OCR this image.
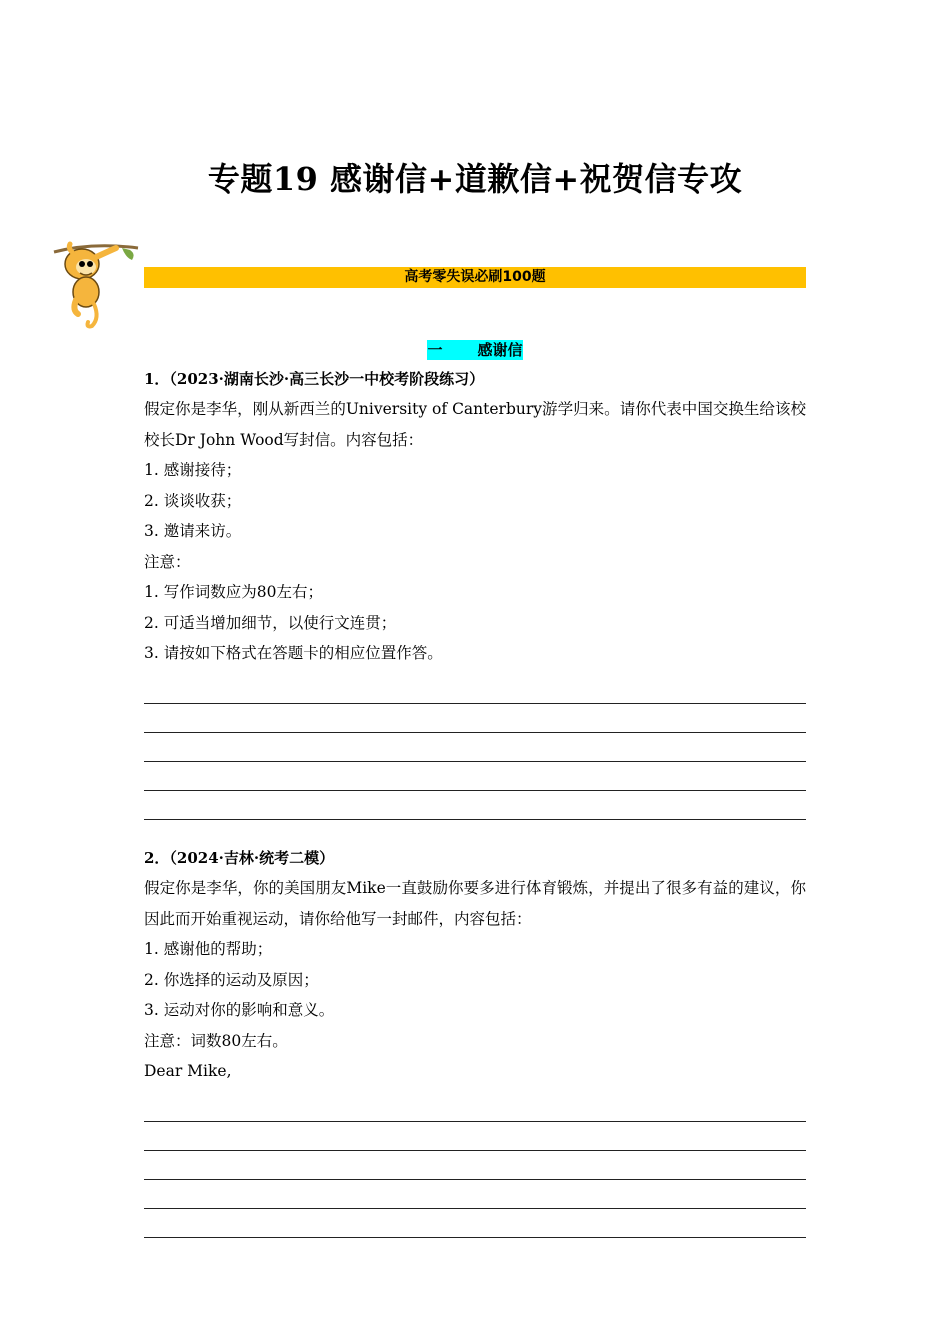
专题19 感谢信+道歉信+祝贺信专攻
高考零失误必刷100题
一 感谢信
1．（2023·湖南长沙·高三长沙一中校考阶段练习）
假定你是李华，刚从新西兰的University of Canterbury游学归来。请你代表中国交换生给该校校长Dr John Wood写封信。内容包括：
1. 感谢接待；
2. 谈谈收获；
3. 邀请来访。
注意：
1. 写作词数应为80左右；
2. 可适当增加细节，以使行文连贯；
3. 请按如下格式在答题卡的相应位置作答。
2．（2024·吉林·统考二模）
假定你是李华，你的美国朋友Mike一直鼓励你要多进行体育锻炼，并提出了很多有益的建议，你因此而开始重视运动，请你给他写一封邮件，内容包括：
1. 感谢他的帮助；
2. 你选择的运动及原因；
3. 运动对你的影响和意义。
注意：词数80左右。
Dear Mike,
